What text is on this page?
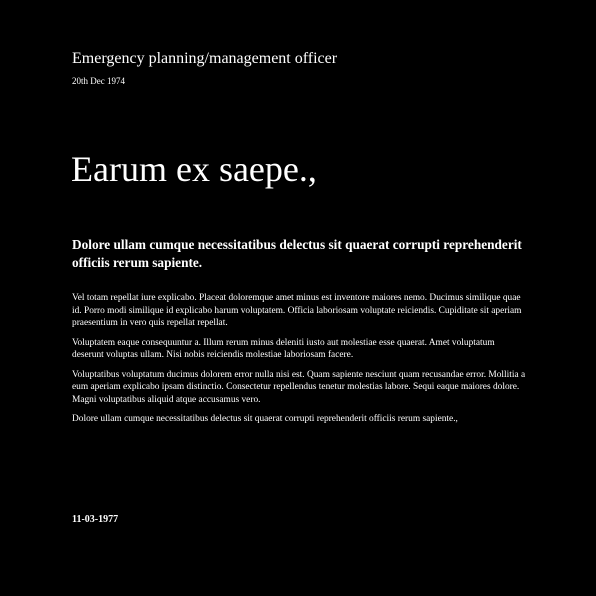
Emergency planning/management officer
20th Dec 1974
Earum ex saepe.,
Dolore ullam cumque necessitatibus delectus sit quaerat corrupti reprehenderit officiis rerum sapiente.

Vel totam repellat iure explicabo. Placeat doloremque amet minus est inventore maiores nemo. Ducimus similique quae id. Porro modi similique id explicabo harum voluptatem. Officia laboriosam voluptate reiciendis. Cupiditate sit aperiam praesentium in vero quis repellat repellat.

Voluptatem eaque consequuntur a. Illum rerum minus deleniti iusto aut molestiae esse quaerat. Amet voluptatum deserunt voluptas ullam. Nisi nobis reiciendis molestiae laboriosam facere.

Voluptatibus voluptatum ducimus dolorem error nulla nisi est. Quam sapiente nesciunt quam recusandae error. Mollitia a eum aperiam explicabo ipsam distinctio. Consectetur repellendus tenetur molestias labore. Sequi eaque maiores dolore. Magni voluptatibus aliquid atque accusamus vero.

Dolore ullam cumque necessitatibus delectus sit quaerat corrupti reprehenderit officiis rerum sapiente.,

11-03-1977
